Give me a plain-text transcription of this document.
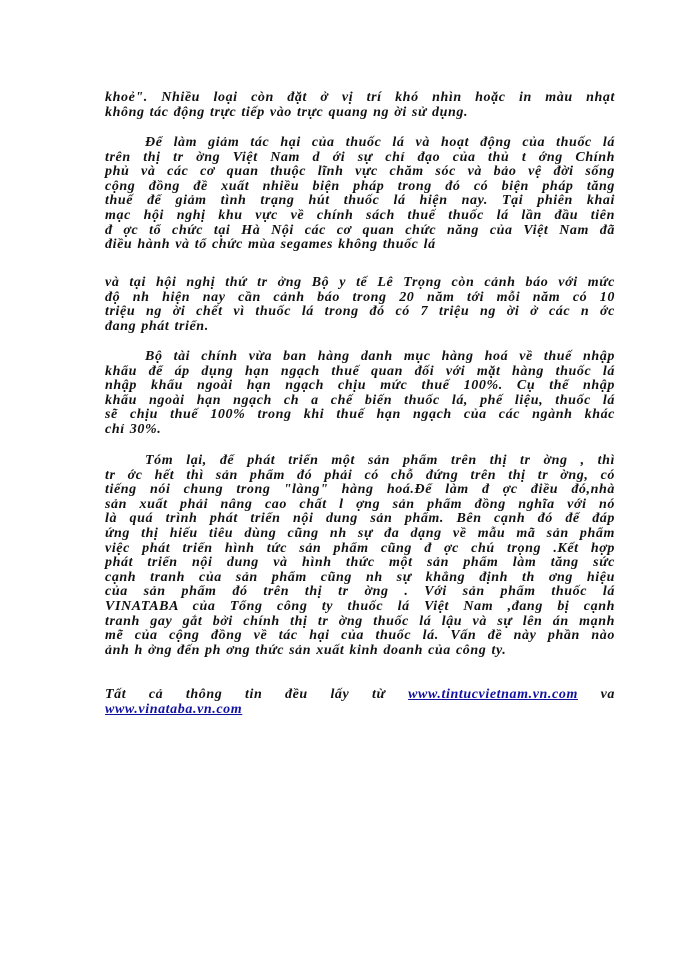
khoẻ". Nhiều loại còn đặt ở vị trí khó nhìn hoặc in màu nhạt
không tác động trực tiếp vào trực quang ng ời sử dụng.
Để làm giảm tác hại của thuốc lá và hoạt động của thuốc lá
trên thị tr ờng Việt Nam d ới sự chỉ đạo của thủ t ớng Chính
phủ và các cơ quan thuộc lĩnh vực chăm sóc và bảo vệ đời sống
cộng đồng đề xuất nhiều biện pháp trong đó có biện pháp tăng
thuế để giảm tình trạng hút thuốc lá hiện nay. Tại phiên khai
mạc hội nghị khu vực về chính sách thuế thuốc lá lần đầu tiên
đ ợc tổ chức tại Hà Nội các cơ quan chức năng của Việt Nam đã
điều hành và tổ chức mùa segames không thuốc lá
và tại hội nghị thứ tr ởng Bộ y tế Lê Trọng còn cảnh báo với mức
độ nh hiện nay cần cảnh báo trong 20 năm tới mỗi năm có 10
triệu ng ời chết vì thuốc lá trong đó có 7 triệu ng ời ở các n ớc
đang phát triển.
Bộ tài chính vừa ban hàng danh mục hàng hoá về thuế nhập
khẩu để áp dụng hạn ngạch thuế quan đối với mặt hàng thuốc lá
nhập khẩu ngoài hạn ngạch chịu mức thuế 100%. Cụ thể nhập
khẩu ngoài hạn ngạch ch a chế biến thuốc lá, phế liệu, thuốc lá
sẽ chịu thuế 100% trong khi thuế hạn ngạch của các ngành khác
chỉ 30%.
Tóm lại, để phát triển một sản phẩm trên thị tr ờng , thì
tr ớc hết thì sản phẩm đó phải có chỗ đứng trên thị tr ờng, có
tiếng nói chung trong "làng" hàng hoá.Để làm đ ợc điều đó,nhà
sản xuất phải nâng cao chất l ợng sản phẩm đồng nghĩa với nó
là quá trình phát triển nội dung sản phẩm. Bên cạnh đó để đáp
ứng thị hiếu tiêu dùng cũng nh sự đa dạng về mẫu mã sản phẩm
việc phát triển hình tức sản phẩm cũng đ ợc chú trọng .Kết hợp
phát triển nội dung và hình thức một sản phẩm làm tăng sức
cạnh tranh của sản phẩm cũng nh sự khẳng định th ơng hiệu
của sản phẩm đó trên thị tr ờng . Với sản phẩm thuốc lá
VINATABA của Tổng công ty thuốc lá Việt Nam ,đang bị cạnh
tranh gay gắt bởi chính thị tr ờng thuốc lá lậu và sự lên án mạnh
mẽ của cộng đồng về tác hại của thuốc lá. Vấn đề này phần nào
ảnh h ởng đến ph ơng thức sản xuất kinh doanh của công ty.
Tất cả thông tin đều lấy từ www.tintucvietnam.vn.com va
www.vinataba.vn.com
